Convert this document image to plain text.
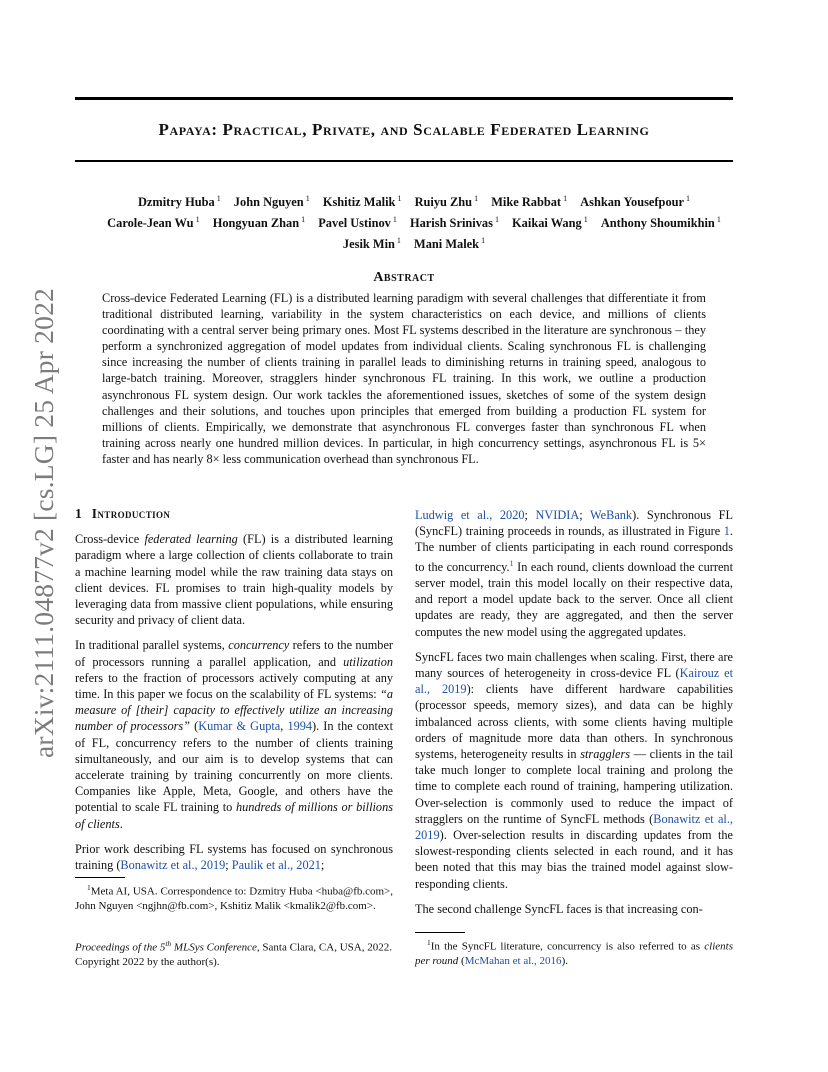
Papaya: Practical, Private, and Scalable Federated Learning
Dzmitry Huba $^1$ John Nguyen $^1$ Kshitiz Malik $^1$ Ruiyu Zhu $^1$ Mike Rabbat $^1$ Ashkan Yousefpour $^1$
Carole-Jean Wu $^1$ Hongyuan Zhan $^1$ Pavel Ustinov $^1$ Harish Srinivas $^1$ Kaikai Wang $^1$ Anthony Shoumikhin $^1$
Jesik Min $^1$ Mani Malek $^1$
arXiv:2111.04877v2 [cs.LG] 25 Apr 2022
Abstract
Cross-device Federated Learning (FL) is a distributed learning paradigm with several challenges that differentiate it from traditional distributed learning, variability in the system characteristics on each device, and millions of clients coordinating with a central server being primary ones. Most FL systems described in the literature are synchronous – they perform a synchronized aggregation of model updates from individual clients. Scaling synchronous FL is challenging since increasing the number of clients training in parallel leads to diminishing returns in training speed, analogous to large-batch training. Moreover, stragglers hinder synchronous FL training. In this work, we outline a production asynchronous FL system design. Our work tackles the aforementioned issues, sketches of some of the system design challenges and their solutions, and touches upon principles that emerged from building a production FL system for millions of clients. Empirically, we demonstrate that asynchronous FL converges faster than synchronous FL when training across nearly one hundred million devices. In particular, in high concurrency settings, asynchronous FL is 5× faster and has nearly 8× less communication overhead than synchronous FL.
1 Introduction

Cross-device federated learning (FL) is a distributed learning paradigm where a large collection of clients collaborate to train a machine learning model while the raw training data stays on client devices. FL promises to train high-quality models by leveraging data from massive client populations, while ensuring security and privacy of client data.

In traditional parallel systems, concurrency refers to the number of processors running a parallel application, and utilization refers to the fraction of processors actively computing at any time. In this paper we focus on the scalability of FL systems: “a measure of [their] capacity to effectively utilize an increasing number of processors” (Kumar & Gupta, 1994). In the context of FL, concurrency refers to the number of clients training simultaneously, and our aim is to develop systems that can accelerate training by training concurrently on more clients. Companies like Apple, Meta, Google, and others have the potential to scale FL training to hundreds of millions or billions of clients.

Prior work describing FL systems has focused on synchronous training (Bonawitz et al., 2019; Paulik et al., 2021;

$^1$Meta AI, USA. Correspondence to: Dzmitry Huba <huba@fb.com>, John Nguyen <ngjhn@fb.com>, Kshitiz Malik <kmalik2@fb.com>.
Proceedings of the 5th MLSys Conference, Santa Clara, CA, USA, 2022. Copyright 2022 by the author(s).

Ludwig et al., 2020; NVIDIA; WeBank). Synchronous FL (SyncFL) training proceeds in rounds, as illustrated in Figure 1. The number of clients participating in each round corresponds to the concurrency.$^1$ In each round, clients download the current server model, train this model locally on their respective data, and report a model update back to the server. Once all client updates are ready, they are aggregated, and then the server computes the new model using the aggregated updates.

SyncFL faces two main challenges when scaling. First, there are many sources of heterogeneity in cross-device FL (Kairouz et al., 2019): clients have different hardware capabilities (processor speeds, memory sizes), and data can be highly imbalanced across clients, with some clients having multiple orders of magnitude more data than others. In synchronous systems, heterogeneity results in stragglers — clients in the tail take much longer to complete local training and prolong the time to complete each round of training, hampering utilization. Over-selection is commonly used to reduce the impact of stragglers on the runtime of SyncFL methods (Bonawitz et al., 2019). Over-selection results in discarding updates from the slowest-responding clients selected in each round, and it has been noted that this may bias the trained model against slow-responding clients.

The second challenge SyncFL faces is that increasing con-

$^1$In the SyncFL literature, concurrency is also referred to as clients per round (McMahan et al., 2016).
